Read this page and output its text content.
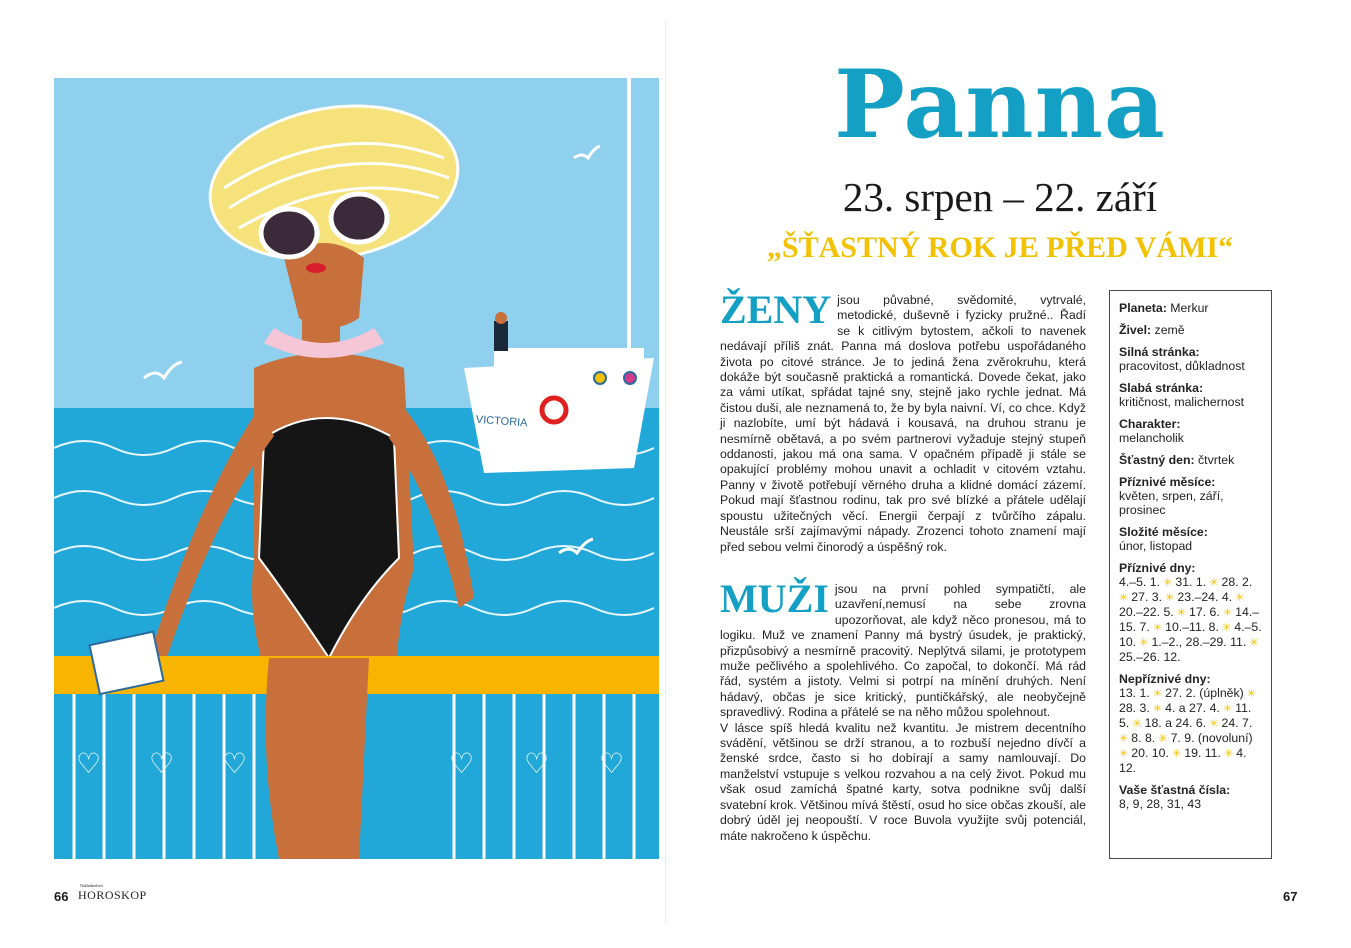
VICTORIA
♡ ♡ ♡	♡ ♡ ♡
66
Nakladatelství
HOROSKOP	67
Panna
23. srpen – 22. září
„ŠŤASTNÝ ROK JE PŘED VÁMI“
ŽENY jsou půvabné, svědomité, vytrvalé, metodické, duševně i fyzicky pružné.. Řadí se k citlivým bytostem, ačkoli to navenek nedávají příliš znát. Panna má doslova potřebu uspořádaného života po citové stránce. Je to jediná žena zvěrokruhu, která dokáže být současně praktická a romantická. Dovede čekat, jako za vámi utíkat, spřádat tajné sny, stejně jako rychle jednat. Má čistou duši, ale neznamená to, že by byla naivní. Ví, co chce. Když ji nazlobíte, umí být hádavá i kousavá, na druhou stranu je nesmírně obětavá, a po svém partnerovi vyžaduje stejný stupeň oddanosti, jakou má ona sama. V opačném případě ji stále se opakující problémy mohou unavit a ochladit v citovém vztahu. Panny v životě potřebují věrného druha a klidné domácí zázemí. Pokud mají šťastnou rodinu, tak pro své blízké a přátele udělají spoustu užitečných věcí. Energii čerpají z tvůrčího zápalu. Neustále srší zajímavými nápady. Zrozenci tohoto znamení mají před sebou velmi činorodý a úspěšný rok.
MUŽI jsou na první pohled sympatičtí, ale uzavření,nemusí na sebe zrovna upozorňovat, ale když něco pronesou, má to logiku. Muž ve znamení Panny má bystrý úsudek, je praktický, přizpůsobivý a nesmírně pracovitý. Neplýtvá silami, je prototypem muže pečlivého a spolehlivého. Co započal, to dokončí. Má rád řád, systém a jistoty. Velmi si potrpí na mínění druhých. Není hádavý, občas je sice kritický, puntičkářský, ale neobyčejně spravedlivý. Rodina a přátelé se na něho můžou spolehnout.
V lásce spíš hledá kvalitu než kvantitu. Je mistrem decentního svádění, většinou se drží stranou, a to rozbuší nejedno dívčí a ženské srdce, často si ho dobírají a samy namlouvají. Do manželství vstupuje s velkou rozvahou a na celý život. Pokud mu však osud zamíchá špatné karty, sotva podnikne svůj další svatební krok. Většinou mívá štěstí, osud ho sice občas zkouší, ale dobrý úděl jej neopouští. V roce Buvola využijte svůj potenciál, máte nakročeno k úspěchu.
Planeta: Merkur
Živel: země
Silná stránka:
pracovitost, důkladnost
Slabá stránka:
kritičnost, malichernost
Charakter:
melancholik
Šťastný den: čtvrtek
Příznivé měsíce:
květen, srpen, září, prosinec
Složité měsíce:
únor, listopad
Příznivé dny:
4.–5. 1. ✳ 31. 1. ✳ 28. 2. ✳ 27. 3. ✳ 23.–24. 4. ✳ 20.–22. 5. ✳ 17. 6. ✳ 14.–15. 7. ✳ 10.–11. 8. ✳ 4.–5. 10. ✳ 1.–2., 28.–29. 11. ✳ 25.–26. 12.
Nepříznivé dny:
13. 1. ✳ 27. 2. (úplněk) ✳ 28. 3. ✳ 4. a 27. 4. ✳ 11. 5. ✳ 18. a 24. 6. ✳ 24. 7. ✳ 8. 8. ✳ 7. 9. (novoluní) ✳ 20. 10. ✳ 19. 11. ✳ 4. 12.
Vaše šťastná čísla:
8, 9, 28, 31, 43
